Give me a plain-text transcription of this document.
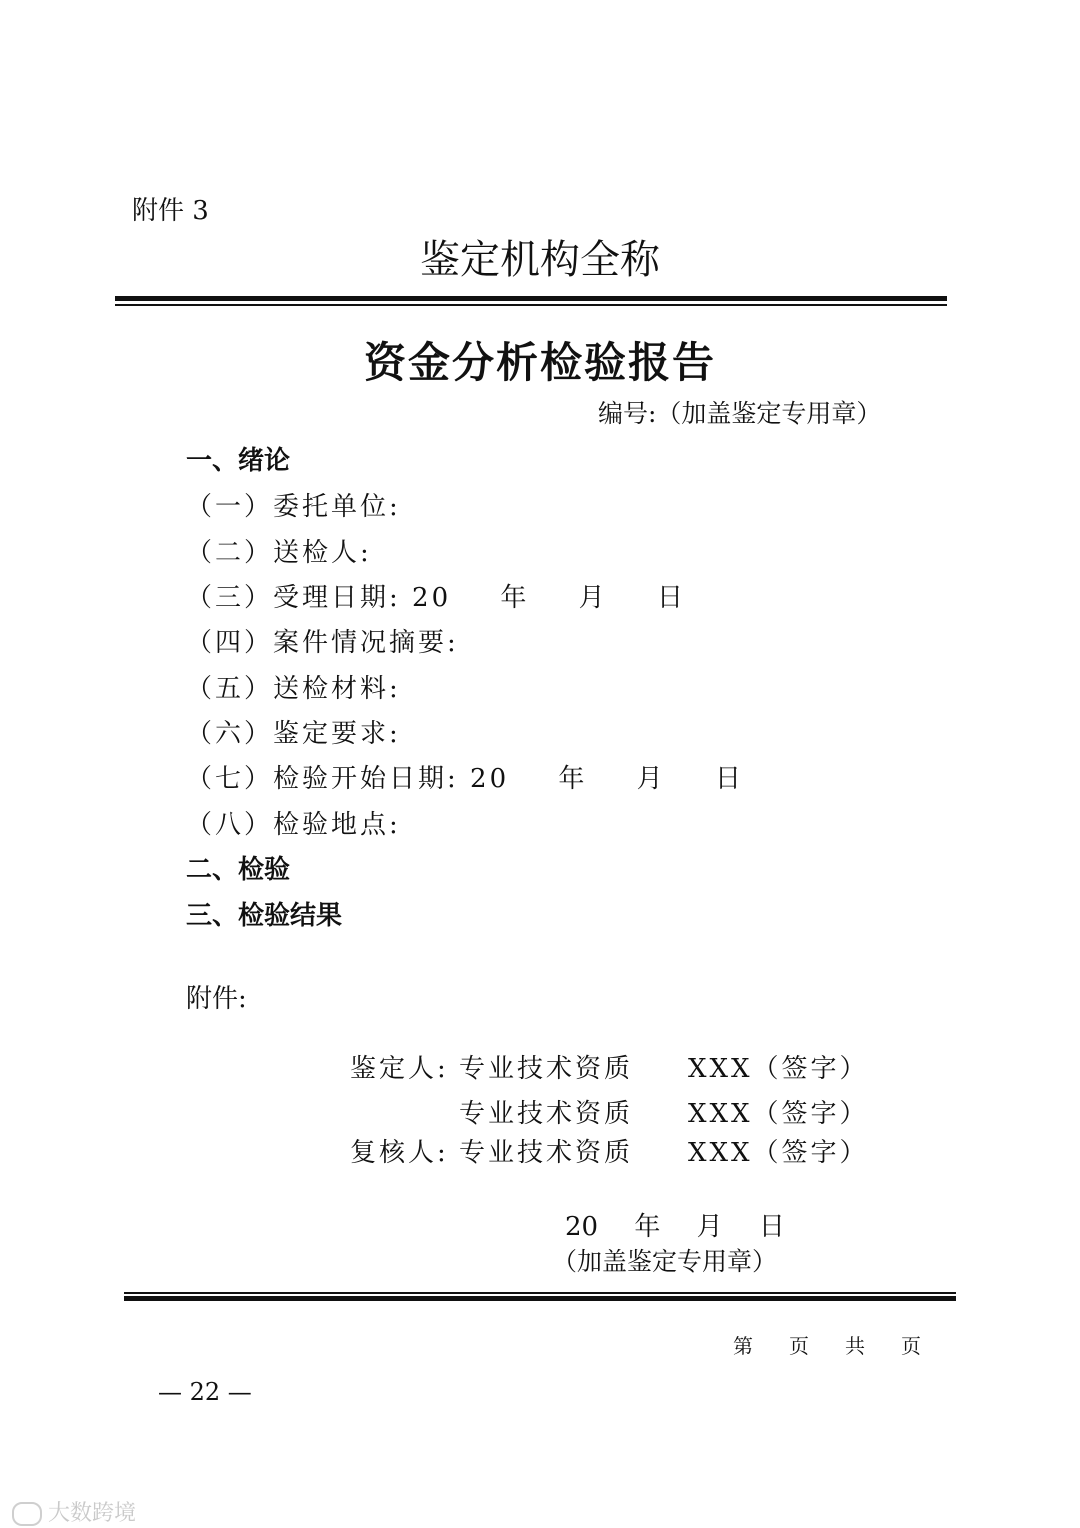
附件 3
鉴定机构全称
资金分析检验报告
编号:（加盖鉴定专用章）
一、绪论
（一）委托单位:
（二）送检人:
（三）受理日期: 20 年 月 日
（四）案件情况摘要:
（五）送检材料:
（六）鉴定要求:
（七）检验开始日期: 20 年 月 日
（八）检验地点:
二、检验
三、检验结果
附件:
鉴定人: 专业技术资质 XXX（签字）
专业技术资质 XXX（签字）
复核人: 专业技术资质 XXX（签字）
20 年 月 日
（加盖鉴定专用章）
第 页 共 页
— 22 —
大数跨境
